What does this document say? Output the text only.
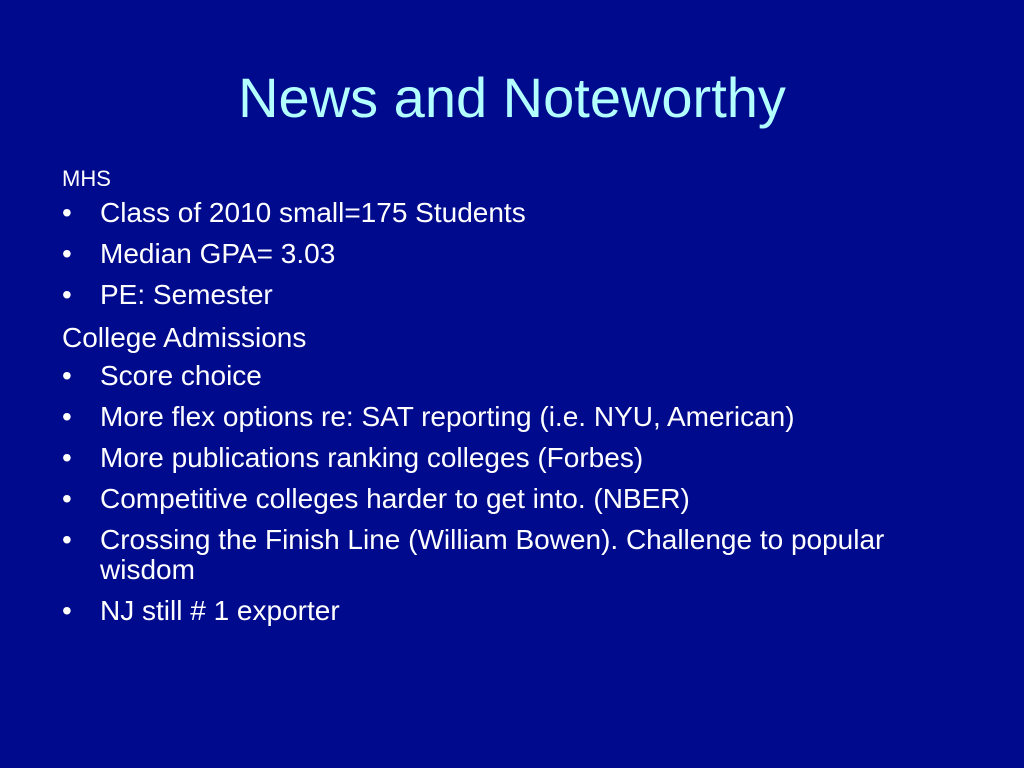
News and Noteworthy
MHS
• Class of 2010 small=175 Students
• Median GPA= 3.03
• PE: Semester
College Admissions
• Score choice
• More flex options re: SAT reporting (i.e. NYU, American)
• More publications ranking colleges (Forbes)
• Competitive colleges harder to get into. (NBER)
• Crossing the Finish Line (William Bowen). Challenge to popular wisdom
• NJ still # 1 exporter
